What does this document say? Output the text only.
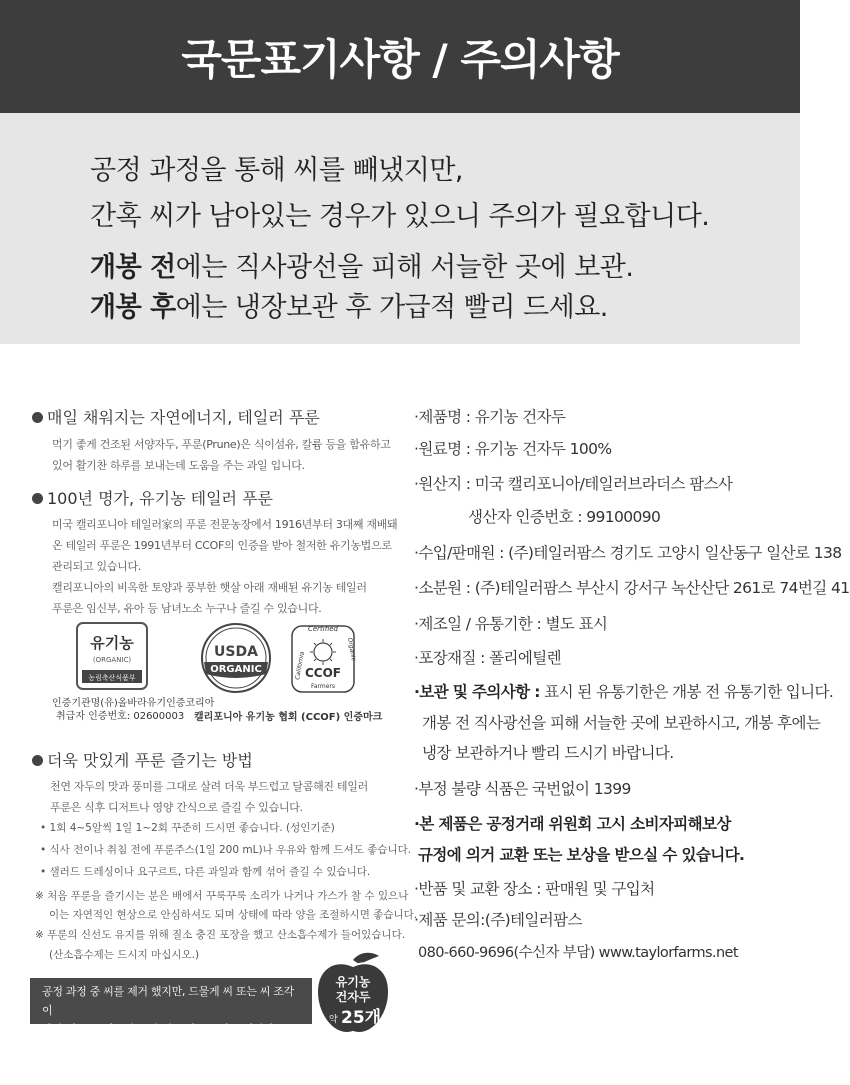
국문표기사항 / 주의사항

공정 과정을 통해 씨를 빼냈지만,

간혹 씨가 남아있는 경우가 있으니 주의가 필요합니다.

개봉 전에는 직사광선을 피해 서늘한 곳에 보관.

개봉 후에는 냉장보관 후 가급적 빨리 드세요.

매일 채워지는 자연에너지, 테일러 푸룬
먹기 좋게 건조된 서양자두, 푸룬(Prune)은 식이섬유, 칼륨 등을 함유하고
있어 활기찬 하루를 보내는데 도움을 주는 과일 입니다.
100년 명가, 유기농 테일러 푸룬
미국 캘리포니아 테일러家의 푸룬 전문농장에서 1916년부터 3대째 재배돼
온 테일러 푸룬은 1991년부터 CCOF의 인증을 받아 철저한 유기농법으로
관리되고 있습니다.
캘리포니아의 비옥한 토양과 풍부한 햇살 아래 재배된 유기농 테일러
푸룬은 임신부, 유아 등 남녀노소 누구나 즐길 수 있습니다.
유기농
(ORGANIC)
농림축산식품부
인증기관명(유)올바라유기인증코리아
취급자 인증번호: 02600003
USDA
ORGANIC
Certified
California
Organic
CCOF
Farmers
캘리포니아 유기농 협회 (CCOF) 인증마크
더욱 맛있게 푸룬 즐기는 방법
천연 자두의 맛과 풍미를 그대로 살려 더욱 부드럽고 달콤해진 테일러
푸룬은 식후 디저트나 영양 간식으로 즐길 수 있습니다.
• 1회 4~5알씩 1일 1~2회 꾸준히 드시면 좋습니다. (성인기준)
• 식사 전이나 취침 전에 푸룬주스(1일 200 mL)나 우유와 함께 드셔도 좋습니다.
• 샐러드 드레싱이나 요구르트, 다른 과일과 함께 섞어 즐길 수 있습니다.
※ 처음 푸룬을 즐기시는 분은 배에서 꾸룩꾸룩 소리가 나거나 가스가 찰 수 있으나
이는 자연적인 현상으로 안심하셔도 되며 상태에 따라 양을 조절하시면 좋습니다.
※ 푸룬의 신선도 유지를 위해 질소 충진 포장을 했고 산소흡수제가 들어있습니다.
(산소흡수제는 드시지 마십시오.)
공정 과정 중 씨를 제거 했지만, 드물게 씨 또는 씨 조각이
남아 있을 수 있으니 드실 때 주의를 부탁 드립니다.
유기농
건자두
약 25개
·제품명 : 유기농 건자두
·원료명 : 유기농 건자두 100%
·원산지 : 미국 캘리포니아/테일러브라더스 팜스사
생산자 인증번호 : 99100090
·수입/판매원 : (주)테일러팜스 경기도 고양시 일산동구 일산로 138
·소분원 : (주)테일러팜스 부산시 강서구 녹산산단 261로 74번길 41
·제조일 / 유통기한 : 별도 표시
·포장재질 : 폴리에틸렌
·보관 및 주의사항 : 표시 된 유통기한은 개봉 전 유통기한 입니다.
개봉 전 직사광선을 피해 서늘한 곳에 보관하시고, 개봉 후에는
냉장 보관하거나 빨리 드시기 바랍니다.
·부정 불량 식품은 국번없이 1399
·본 제품은 공정거래 위원회 고시 소비자피해보상
규정에 의거 교환 또는 보상을 받으실 수 있습니다.
·반품 및 교환 장소 : 판매원 및 구입처
·제품 문의:(주)테일러팜스
080-660-9696(수신자 부담) www.taylorfarms.net
